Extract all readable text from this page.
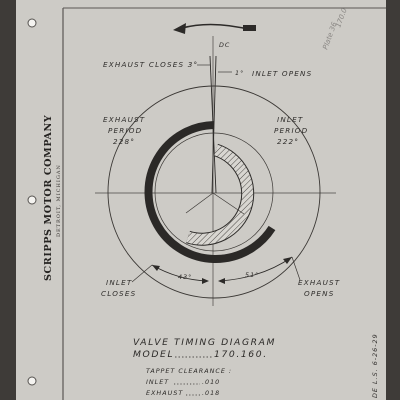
SCRIPPS MOTOR COMPANY DETROIT, MICHIGAN
Plate 36
170.0
DC
43°	51°
EXHAUST CLOSES 3°
1° INLET OPENS
EXHAUST
PERIOD
228°
INLET
PERIOD
222°
INLET
CLOSES
EXHAUST
OPENS
VALVE TIMING DIAGRAM
MODEL	170.160.
TAPPET CLEARANCE :
INLET	.010
EXHAUST	.018	DE L.S. 6-26-29
